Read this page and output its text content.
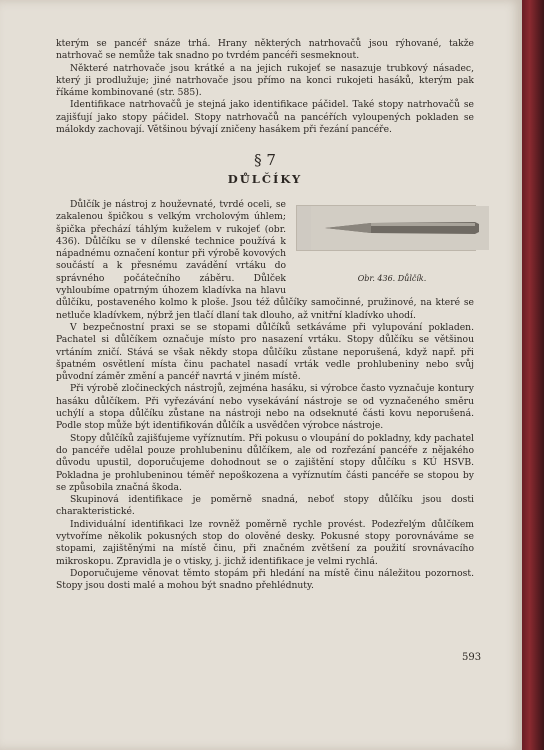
kterým se pancéř snáze trhá. Hrany některých natrhovačů jsou rýhované, takže natrhovač se nemůže tak snadno po tvrdém pancéři sesmeknout.

Některé natrhovače jsou krátké a na jejich rukojeť se nasazuje trubkový násadec, který ji prodlužuje; jiné natrhovače jsou přímo na konci rukojeti hasáků, kterým pak říkáme kombinované (str. 585).

Identifikace natrhovačů je stejná jako identifikace páčidel. Také stopy natrhovačů se zajišťují jako stopy páčidel. Stopy natrhovačů na pancéřích vyloupených pokladen se málokdy zachovají. Většinou bývají zničeny hasákem při řezání pancéře.

§ 7
DŮLČÍKY

Obr. 436. Důlčík.
Důlčík je nástroj z houževnaté, tvrdé oceli, se zakalenou špičkou s velkým vrcholovým úhlem; špička přechází táhlým kuželem v rukojeť (obr. 436). Důlčíku se v dílenské technice používá k nápadnému označení kontur při výrobě kovových součástí a k přesnému zavádění vrtáku do správného počátečního záběru. Důlček vyhloubíme opatrným úhozem kladívka na hlavu důlčíku, postaveného kolmo k ploše. Jsou též důlčíky samočinné, pružinové, na které se netluče kladívkem, nýbrž jen tlačí dlaní tak dlouho, až vnitřní kladívko uhodí.

V bezpečnostní praxi se se stopami důlčíků setkáváme při vylupování pokladen. Pachatel si důlčíkem označuje místo pro nasazení vrtáku. Stopy důlčíku se většinou vrtáním zničí. Stává se však někdy stopa důlčíku zůstane neporušená, když např. při špatném osvětlení místa činu pachatel nasadí vrták vedle prohlubeniny nebo svůj původní záměr změní a pancéř navrtá v jiném místě.

Při výrobě zločineckých nástrojů, zejména hasáku, si výrobce často vyznačuje kontury hasáku důlčíkem. Při vyřezávání nebo vysekávání nástroje se od vyznačeného směru uchýlí a stopa důlčíku zůstane na nástroji nebo na odseknuté části kovu neporušená. Podle stop může být identifikován důlčík a usvědčen výrobce nástroje.

Stopy důlčíků zajišťujeme vyříznutím. Při pokusu o vloupání do pokladny, kdy pachatel do pancéře udělal pouze prohlubeninu důlčíkem, ale od rozřezání pancéře z nějakého důvodu upustil, doporučujeme dohodnout se o zajištění stopy důlčíku s KÚ HSVB. Pokladna je prohlubeninou téměř nepoškozena a vyříznutím části pancéře se stopou by se způsobila značná škoda.

Skupinová identifikace je poměrně snadná, neboť stopy důlčíku jsou dosti charakteristické.

Individuální identifikaci lze rovněž poměrně rychle provést. Podezřelým důlčíkem vytvoříme několik pokusných stop do olověné desky. Pokusné stopy porovnáváme se stopami, zajištěnými na místě činu, při značném zvětšení za použití srovnávacího mikroskopu. Zpravidla je o vtisky, j. jichž identifikace je velmi rychlá.

Doporučujeme věnovat těmto stopám při hledání na místě činu náležitou pozornost. Stopy jsou dosti malé a mohou být snadno přehlédnuty.

593
